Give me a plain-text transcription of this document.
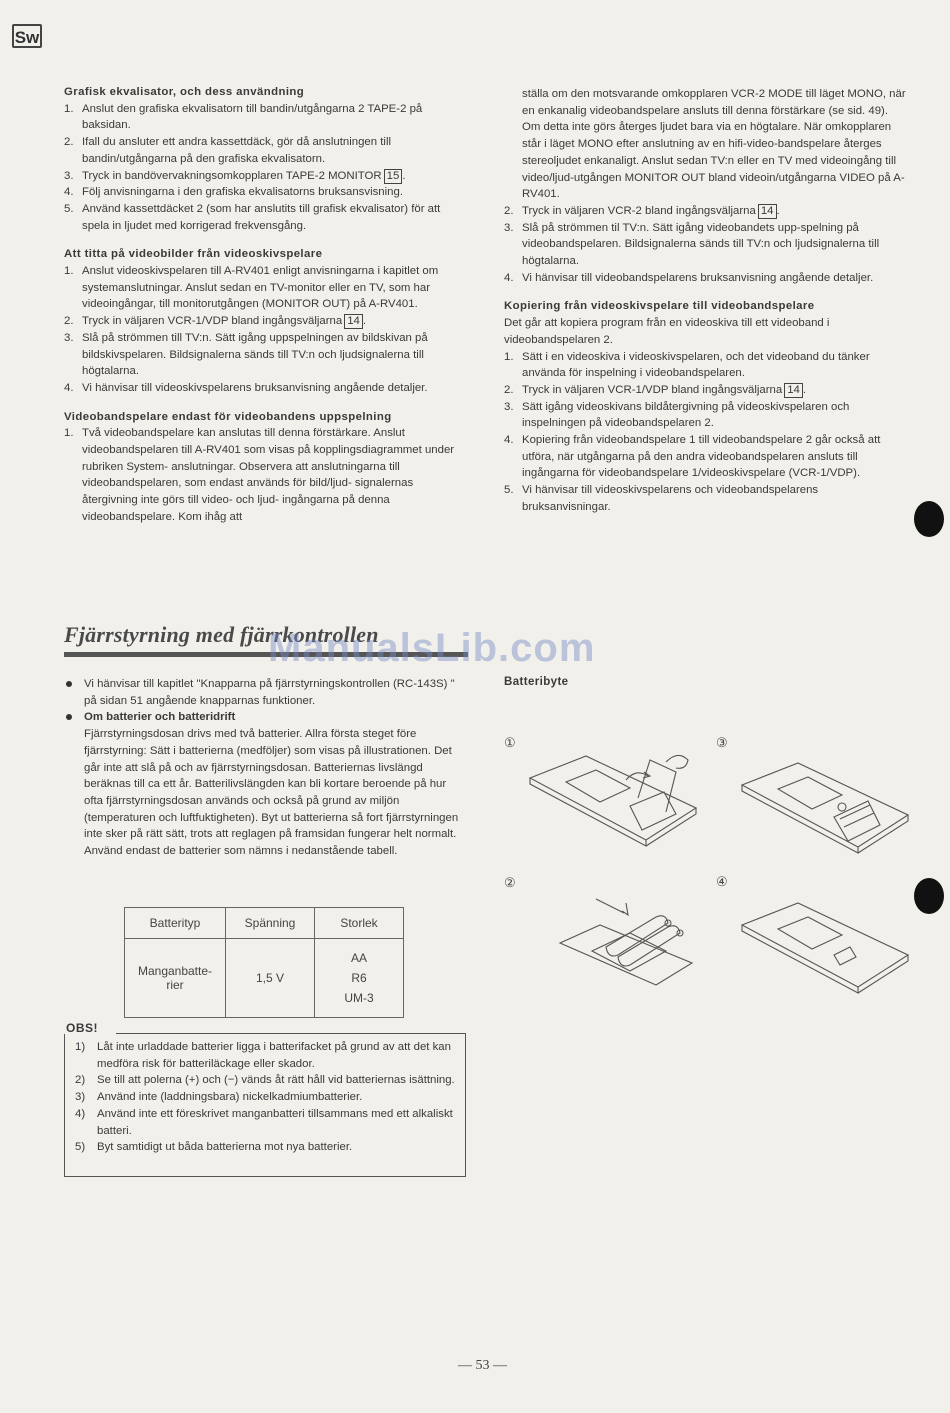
Sw

Grafisk ekvalisator, och dess användning

1. Anslut den grafiska ekvalisatorn till bandin/utgångarna 2 TAPE-2 på baksidan.
2. Ifall du ansluter ett andra kassettdäck, gör då anslutningen till bandin/utgångarna på den grafiska ekvalisatorn.
3. Tryck in bandövervakningsomkopplaren TAPE-2 MONITOR 15 .
4. Följ anvisningarna i den grafiska ekvalisatorns bruksansvisning.
5. Använd kassettdäcket 2 (som har anslutits till grafisk ekvalisator) för att spela in ljudet med korrigerad frekvensgång.

Att titta på videobilder från videoskivspelare

1. Anslut videoskivspelaren till A-RV401 enligt anvisningarna i kapitlet om systemanslutningar. Anslut sedan en TV-monitor eller en TV, som har videoingångar, till monitorutgången (MONITOR OUT) på A-RV401.
2. Tryck in väljaren VCR-1/VDP bland ingångsväljarna 14 .
3. Slå på strömmen till TV:n. Sätt igång uppspelningen av bildskivan på bildskivspelaren. Bildsignalerna sänds till TV:n och ljudsignalerna till högtalarna.
4. Vi hänvisar till videoskivspelarens bruksanvisning angående detaljer.

Videobandspelare endast för videobandens uppspelning

1. Två videobandspelare kan anslutas till denna förstärkare. Anslut videobandspelaren till A-RV401 som visas på kopplingsdiagrammet under rubriken System- anslutningar. Observera att anslutningarna till videobandspelaren, som endast används för bild/ljud- signalernas återgivning inte görs till video- och ljud- ingångarna på denna videobandspelare. Kom ihåg att

ställa om den motsvarande omkopplaren VCR-2 MODE till läget MONO, när en enkanalig videobandspelare ansluts till denna förstärkare (se sid. 49). Om detta inte görs återges ljudet bara via en högtalare. När omkopplaren står i läget MONO efter anslutning av en hifi-video-bandspelare återges stereoljudet enkanaligt. Anslut sedan TV:n eller en TV med videoingång till video/ljud-utgången MONITOR OUT bland videoin/utgångarna VIDEO på A-RV401.

2. Tryck in väljaren VCR-2 bland ingångsväljarna 14 .
3. Slå på strömmen til TV:n. Sätt igång videobandets upp-spelning på videobandspelaren. Bildsignalerna sänds till TV:n och ljudsignalerna till högtalarna.
4. Vi hänvisar till videobandspelarens bruksanvisning angående detaljer.

Kopiering från videoskivspelare till videobandspelare

Det går att kopiera program från en videoskiva till ett videoband i videobandspelaren 2.

1. Sätt i en videoskiva i videoskivspelaren, och det videoband du tänker använda för inspelning i videobandspelaren.
2. Tryck in väljaren VCR-1/VDP bland ingångsväljarna 14 .
3. Sätt igång videoskivans bildåtergivning på videoskivspelaren och inspelningen på videobandspelaren 2.
4. Kopiering från videobandspelare 1 till videobandspelare 2 går också att utföra, när utgångarna på den andra videobandspelaren ansluts till ingångarna för videobandspelare 1/videoskivspelare (VCR-1/VDP).
5. Vi hänvisar till videoskivspelarens och videobandspelarens bruksanvisningar.
Fjärrstyrning med fjärrkontrollen
ManualsLib.com
Vi hänvisar till kapitlet "Knapparna på fjärrstyrningskontrollen (RC-143S) " på sidan 51 angående knapparnas funktioner.
Om batterier och batteridrift
Fjärrstyrningsdosan drivs med två batterier. Allra första steget före fjärrstyrning: Sätt i batterierna (medföljer) som visas på illustrationen. Det går inte att slå på och av fjärrstyrningsdosan. Batteriernas livslängd beräknas till ca ett år. Batterilivslängden kan bli kortare beroende på hur ofta fjärrstyrningsdosan används och också på grund av miljön (temperaturen och luftfuktigheten). Byt ut batterierna så fort fjärrstyrningen inte sker på rätt sätt, trots att reglagen på framsidan fungerar helt normalt. Använd endast de batterier som nämns i nedanstående tabell.
Batterityp	Spänning	Storlek
Manganbatte-rier	1,5 V	AA
R6
UM-3
OBS!
1) Låt inte urladdade batterier ligga i batterifacket på grund av att det kan medföra risk för batteriläckage eller skador.
2) Se till att polerna (+) och (−) vänds åt rätt håll vid batteriernas isättning.
3) Använd inte (laddningsbara) nickelkadmiumbatterier.
4) Använd inte ett föreskrivet manganbatteri tillsammans med ett alkaliskt batteri.
5) Byt samtidigt ut båda batterierna mot nya batterier.
Batteribyte
①	③
②	④
— 53 —
